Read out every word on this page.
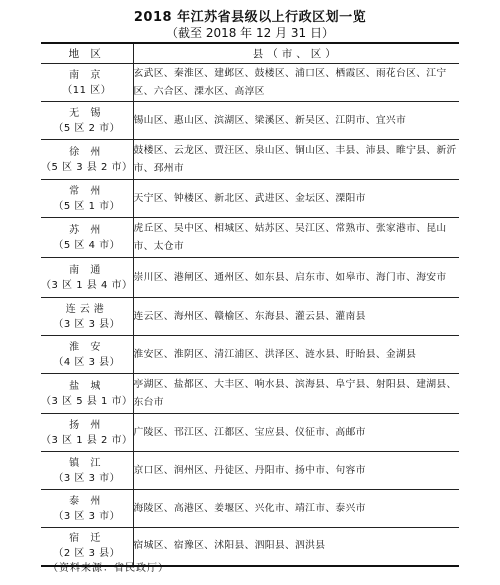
2018 年江苏省县级以上行政区划一览
（截至 2018 年 12 月 31 日）
地 区	县（市、区）

南 京
（11 区）	玄武区、秦淮区、建邺区、鼓楼区、浦口区、栖霞区、雨花台区、江宁区、六合区、溧水区、高淳区

无 锡
（5 区 2 市）	锡山区、惠山区、滨湖区、梁溪区、新吴区、江阴市、宜兴市

徐 州
（5 区 3 县 2 市）	鼓楼区、云龙区、贾汪区、泉山区、铜山区、丰县、沛县、睢宁县、新沂市、邳州市

常 州
（5 区 1 市）	天宁区、钟楼区、新北区、武进区、金坛区、溧阳市

苏 州
（5 区 4 市）	虎丘区、吴中区、相城区、姑苏区、吴江区、常熟市、张家港市、昆山市、太仓市

南 通
（3 区 1 县 4 市）	崇川区、港闸区、通州区、如东县、启东市、如皋市、海门市、海安市

连云港
（3 区 3 县）	连云区、海州区、赣榆区、东海县、灌云县、灌南县

淮 安
（4 区 3 县）	淮安区、淮阴区、清江浦区、洪泽区、涟水县、盱眙县、金湖县

盐 城
（3 区 5 县 1 市）	亭湖区、盐都区、大丰区、响水县、滨海县、阜宁县、射阳县、建湖县、东台市

扬 州
（3 区 1 县 2 市）	广陵区、邗江区、江都区、宝应县、仪征市、高邮市

镇 江
（3 区 3 市）	京口区、润州区、丹徒区、丹阳市、扬中市、句容市

泰 州
（3 区 3 市）	海陵区、高港区、姜堰区、兴化市、靖江市、泰兴市

宿 迁
（2 区 3 县）	宿城区、宿豫区、沭阳县、泗阳县、泗洪县
（资料来源：省民政厅）
